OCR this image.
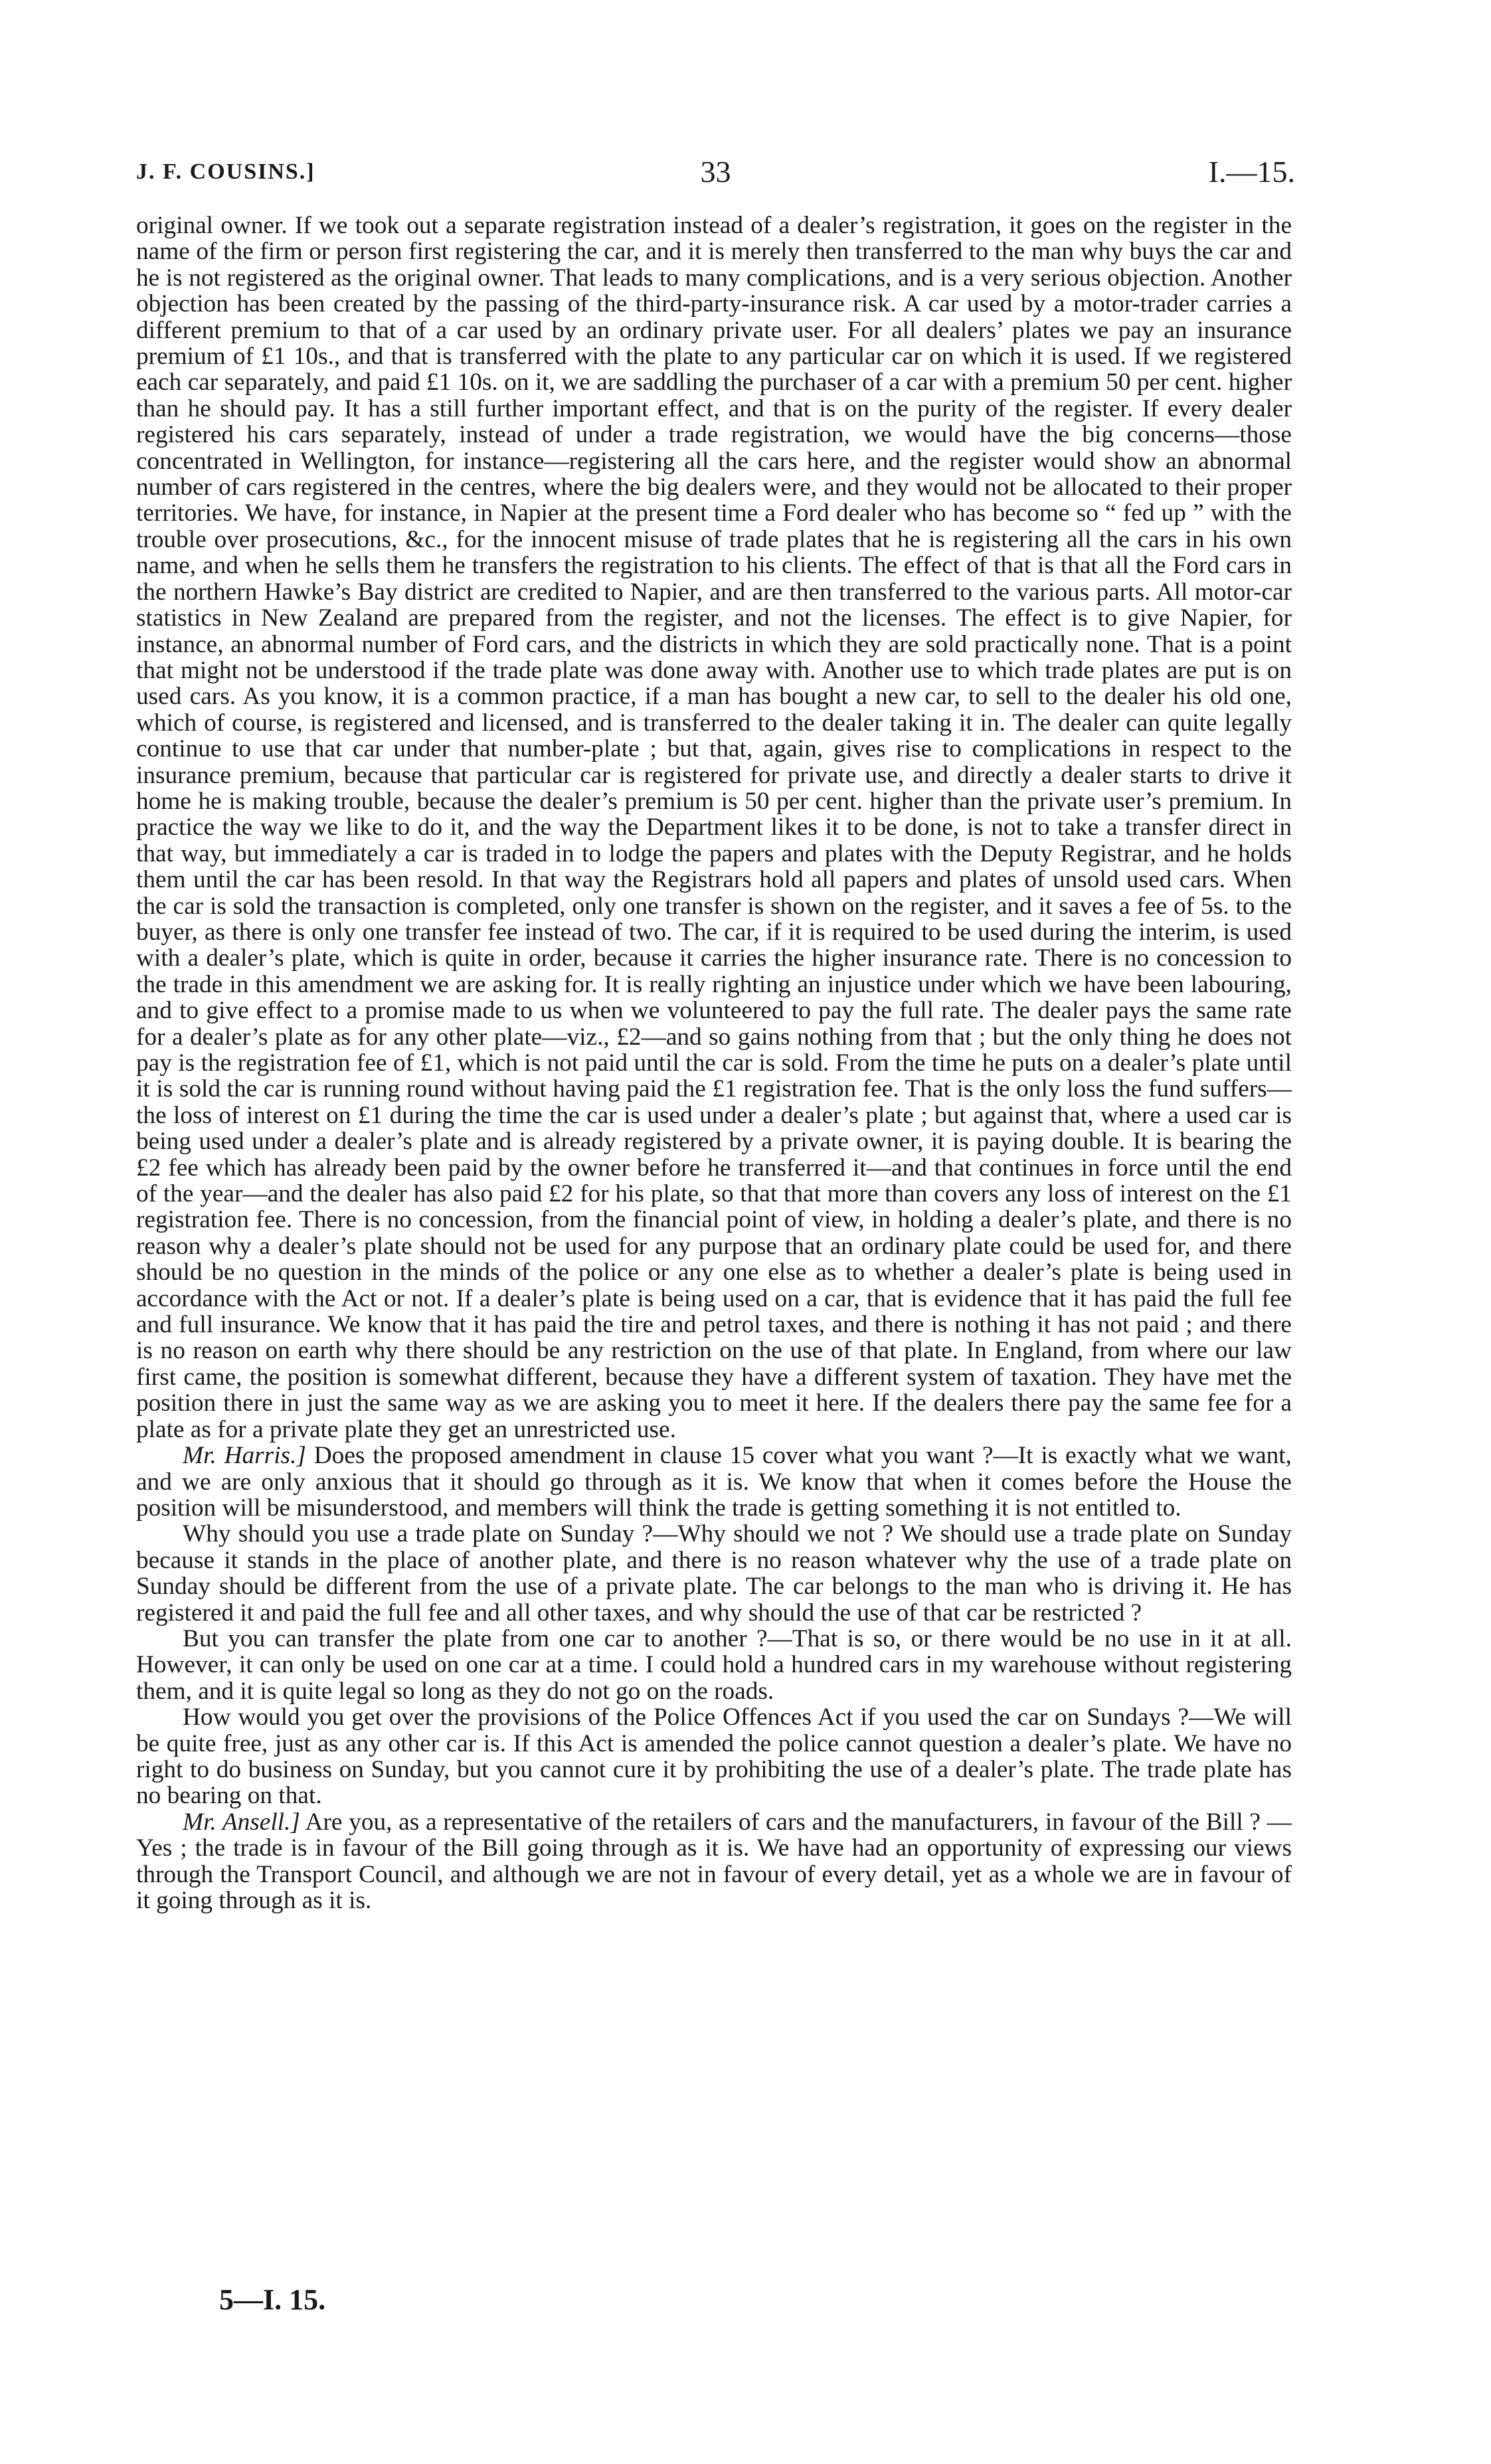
J. F. COUSINS.]	33	I.—15.

original owner. If we took out a separate registration instead of a dealer’s registration, it goes on the register in the name of the firm or person first registering the car, and it is merely then transferred to the man why buys the car and he is not registered as the original owner. That leads to many complications, and is a very serious objection. Another objection has been created by the passing of the third-party-insurance risk. A car used by a motor-trader carries a different premium to that of a car used by an ordinary private user. For all dealers’ plates we pay an insurance premium of £1 10s., and that is transferred with the plate to any particular car on which it is used. If we registered each car separately, and paid £1 10s. on it, we are saddling the purchaser of a car with a premium 50 per cent. higher than he should pay. It has a still further important effect, and that is on the purity of the register. If every dealer registered his cars separately, instead of under a trade registration, we would have the big concerns—those concentrated in Wellington, for instance—registering all the cars here, and the register would show an abnormal number of cars registered in the centres, where the big dealers were, and they would not be allocated to their proper territories. We have, for instance, in Napier at the present time a Ford dealer who has become so “ fed up ” with the trouble over prosecutions, &c., for the innocent misuse of trade plates that he is registering all the cars in his own name, and when he sells them he transfers the registration to his clients. The effect of that is that all the Ford cars in the northern Hawke’s Bay district are credited to Napier, and are then transferred to the various parts. All motor-car statistics in New Zealand are prepared from the register, and not the licenses. The effect is to give Napier, for instance, an abnormal number of Ford cars, and the districts in which they are sold practically none. That is a point that might not be understood if the trade plate was done away with. Another use to which trade plates are put is on used cars. As you know, it is a common practice, if a man has bought a new car, to sell to the dealer his old one, which of course, is registered and licensed, and is transferred to the dealer taking it in. The dealer can quite legally continue to use that car under that number-plate ; but that, again, gives rise to complications in respect to the insurance premium, because that particular car is registered for private use, and directly a dealer starts to drive it home he is making trouble, because the dealer’s premium is 50 per cent. higher than the private user’s premium. In practice the way we like to do it, and the way the Department likes it to be done, is not to take a transfer direct in that way, but immediately a car is traded in to lodge the papers and plates with the Deputy Registrar, and he holds them until the car has been resold. In that way the Registrars hold all papers and plates of unsold used cars. When the car is sold the transaction is completed, only one transfer is shown on the register, and it saves a fee of 5s. to the buyer, as there is only one transfer fee instead of two. The car, if it is required to be used during the interim, is used with a dealer’s plate, which is quite in order, because it carries the higher insurance rate. There is no concession to the trade in this amendment we are asking for. It is really righting an injustice under which we have been labouring, and to give effect to a promise made to us when we volunteered to pay the full rate. The dealer pays the same rate for a dealer’s plate as for any other plate—viz., £2—and so gains nothing from that ; but the only thing he does not pay is the registration fee of £1, which is not paid until the car is sold. From the time he puts on a dealer’s plate until it is sold the car is running round without having paid the £1 registration fee. That is the only loss the fund suffers—the loss of interest on £1 during the time the car is used under a dealer’s plate ; but against that, where a used car is being used under a dealer’s plate and is already registered by a private owner, it is paying double. It is bearing the £2 fee which has already been paid by the owner before he transferred it—and that continues in force until the end of the year—and the dealer has also paid £2 for his plate, so that that more than covers any loss of interest on the £1 registration fee. There is no concession, from the financial point of view, in holding a dealer’s plate, and there is no reason why a dealer’s plate should not be used for any purpose that an ordinary plate could be used for, and there should be no question in the minds of the police or any one else as to whether a dealer’s plate is being used in accordance with the Act or not. If a dealer’s plate is being used on a car, that is evidence that it has paid the full fee and full insurance. We know that it has paid the tire and petrol taxes, and there is nothing it has not paid ; and there is no reason on earth why there should be any restriction on the use of that plate. In England, from where our law first came, the position is somewhat different, because they have a different system of taxation. They have met the position there in just the same way as we are asking you to meet it here. If the dealers there pay the same fee for a plate as for a private plate they get an unrestricted use.

Mr. Harris.] Does the proposed amendment in clause 15 cover what you want ?—It is exactly what we want, and we are only anxious that it should go through as it is. We know that when it comes before the House the position will be misunderstood, and members will think the trade is getting something it is not entitled to.

Why should you use a trade plate on Sunday ?—Why should we not ? We should use a trade plate on Sunday because it stands in the place of another plate, and there is no reason whatever why the use of a trade plate on Sunday should be different from the use of a private plate. The car belongs to the man who is driving it. He has registered it and paid the full fee and all other taxes, and why should the use of that car be restricted ?

But you can transfer the plate from one car to another ?—That is so, or there would be no use in it at all. However, it can only be used on one car at a time. I could hold a hundred cars in my warehouse without registering them, and it is quite legal so long as they do not go on the roads.

How would you get over the provisions of the Police Offences Act if you used the car on Sundays ?—We will be quite free, just as any other car is. If this Act is amended the police cannot question a dealer’s plate. We have no right to do business on Sunday, but you cannot cure it by prohibiting the use of a dealer’s plate. The trade plate has no bearing on that.

Mr. Ansell.] Are you, as a representative of the retailers of cars and the manufacturers, in favour of the Bill ? —Yes ; the trade is in favour of the Bill going through as it is. We have had an opportunity of expressing our views through the Transport Council, and although we are not in favour of every detail, yet as a whole we are in favour of it going through as it is.

5—I. 15.
